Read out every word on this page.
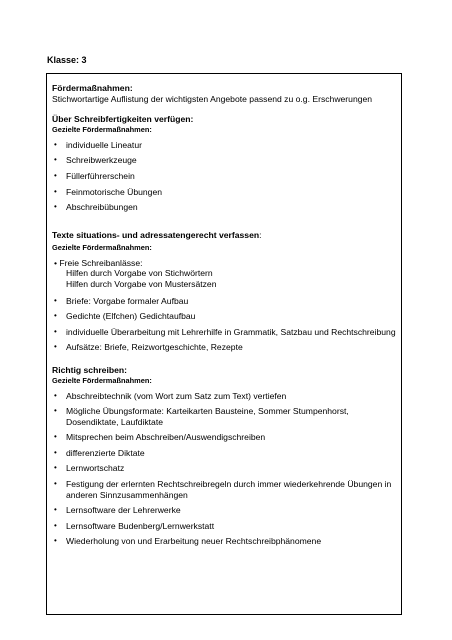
Klasse: 3
Fördermaßnahmen:
Stichwortartige Auflistung der wichtigsten Angebote passend zu o.g. Erschwerungen
Über Schreibfertigkeiten verfügen:
Gezielte Fördermaßnahmen:
• individuelle Lineatur
• Schreibwerkzeuge
• Füllerführerschein
• Feinmotorische Übungen
• Abschreibübungen
Texte situations- und adressatengerecht verfassen:
Gezielte Fördermaßnahmen:
• Freie Schreibanlässe:
Hilfen durch Vorgabe von Stichwörtern
Hilfen durch Vorgabe von Mustersätzen
• Briefe: Vorgabe formaler Aufbau
• Gedichte (Elfchen) Gedichtaufbau
• individuelle Überarbeitung mit Lehrerhilfe in Grammatik, Satzbau und Rechtschreibung
• Aufsätze: Briefe, Reizwortgeschichte, Rezepte
Richtig schreiben:
Gezielte Fördermaßnahmen:
• Abschreibtechnik (vom Wort zum Satz zum Text) vertiefen
• Mögliche Übungsformate: Karteikarten Bausteine, Sommer Stumpenhorst, Dosendiktate, Laufdiktate
• Mitsprechen beim Abschreiben/Auswendigschreiben
• differenzierte Diktate
• Lernwortschatz
• Festigung der erlernten Rechtschreibregeln durch immer wiederkehrende Übungen in anderen Sinnzusammenhängen
• Lernsoftware der Lehrerwerke
• Lernsoftware Budenberg/Lernwerkstatt
• Wiederholung von und Erarbeitung neuer Rechtschreibphänomene
